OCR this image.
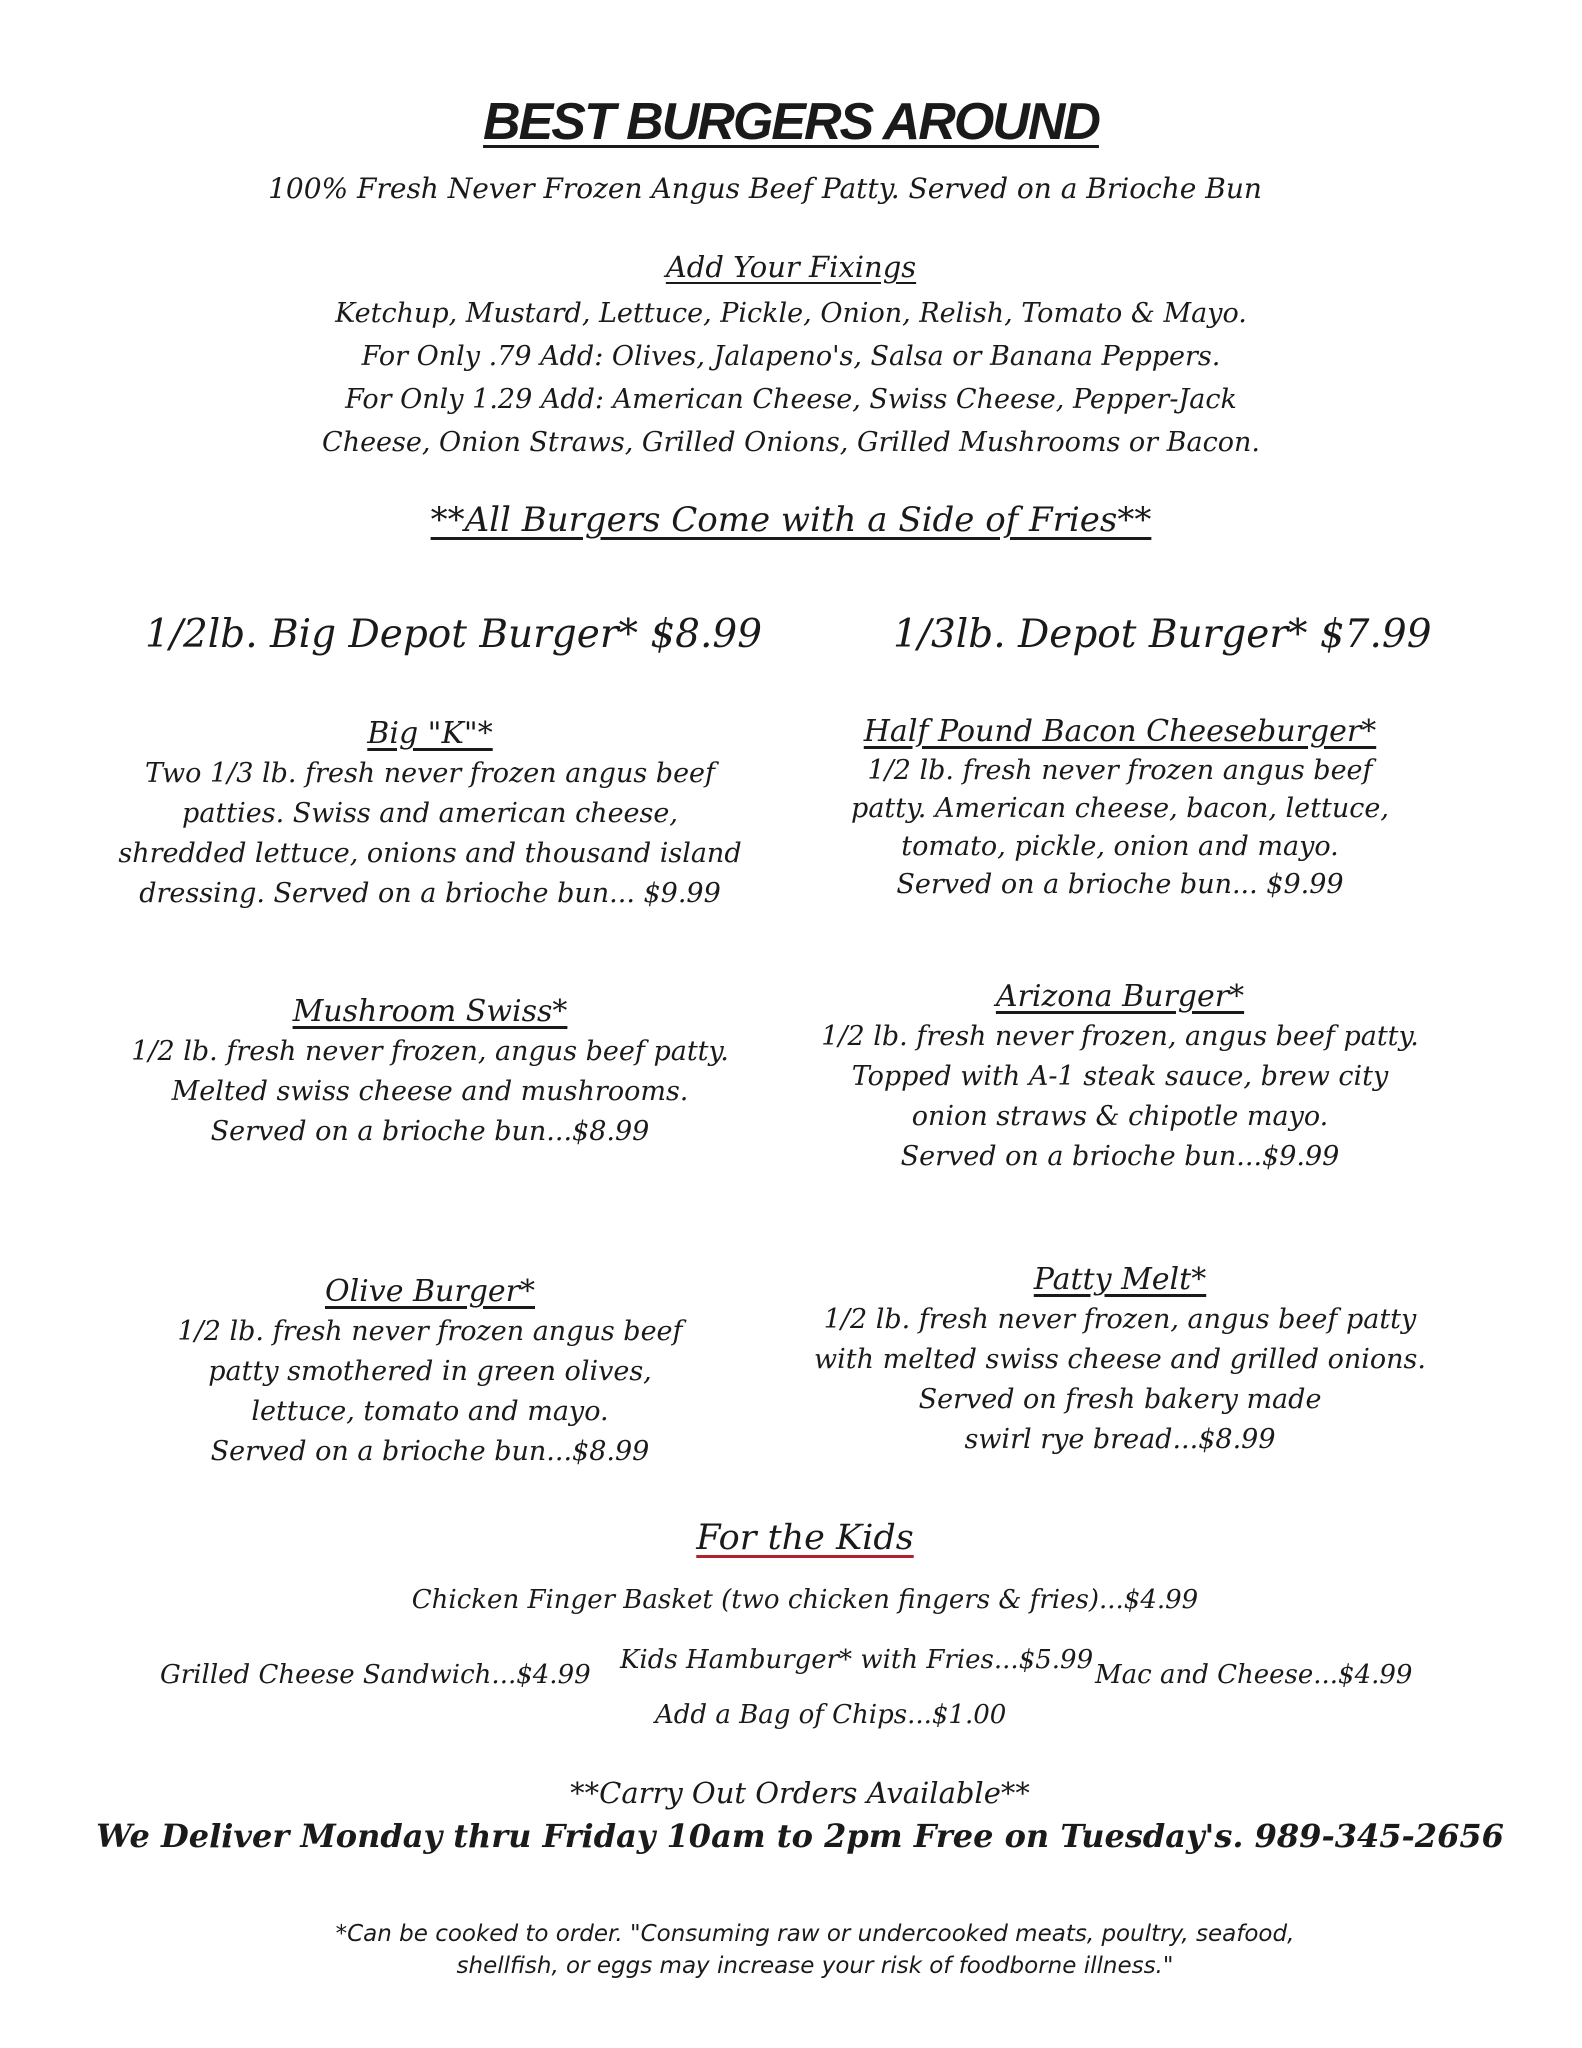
BEST BURGERS AROUND
100% Fresh Never Frozen Angus Beef Patty. Served on a Brioche Bun
Add Your Fixings
Ketchup, Mustard, Lettuce, Pickle, Onion, Relish, Tomato & Mayo.
For Only .79 Add: Olives, Jalapeno's, Salsa or Banana Peppers.
For Only 1.29 Add: American Cheese, Swiss Cheese, Pepper-Jack
Cheese, Onion Straws, Grilled Onions, Grilled Mushrooms or Bacon.
**All Burgers Come with a Side of Fries**
1/2lb. Big Depot Burger* $8.99	1/3lb. Depot Burger* $7.99
Big "K"*
Two 1/3 lb. fresh never frozen angus beef
patties. Swiss and american cheese,
shredded lettuce, onions and thousand island
dressing. Served on a brioche bun... $9.99
Mushroom Swiss*
1/2 lb. fresh never frozen, angus beef patty.
Melted swiss cheese and mushrooms.
Served on a brioche bun...$8.99
Olive Burger*
1/2 lb. fresh never frozen angus beef
patty smothered in green olives,
lettuce, tomato and mayo.
Served on a brioche bun...$8.99
Half Pound Bacon Cheeseburger*
1/2 lb. fresh never frozen angus beef
patty. American cheese, bacon, lettuce,
tomato, pickle, onion and mayo.
Served on a brioche bun... $9.99
Arizona Burger*
1/2 lb. fresh never frozen, angus beef patty.
Topped with A-1 steak sauce, brew city
onion straws & chipotle mayo.
Served on a brioche bun...$9.99
Patty Melt*
1/2 lb. fresh never frozen, angus beef patty
with melted swiss cheese and grilled onions.
Served on fresh bakery made
swirl rye bread...$8.99
For the Kids
Chicken Finger Basket (two chicken fingers & fries)...$4.99
Grilled Cheese Sandwich...$4.99 Kids Hamburger* with Fries...$5.99 Mac and Cheese...$4.99
Add a Bag of Chips...$1.00
**Carry Out Orders Available**
We Deliver Monday thru Friday 10am to 2pm Free on Tuesday's. 989-345-2656
*Can be cooked to order. "Consuming raw or undercooked meats, poultry, seafood,
shellfish, or eggs may increase your risk of foodborne illness."
